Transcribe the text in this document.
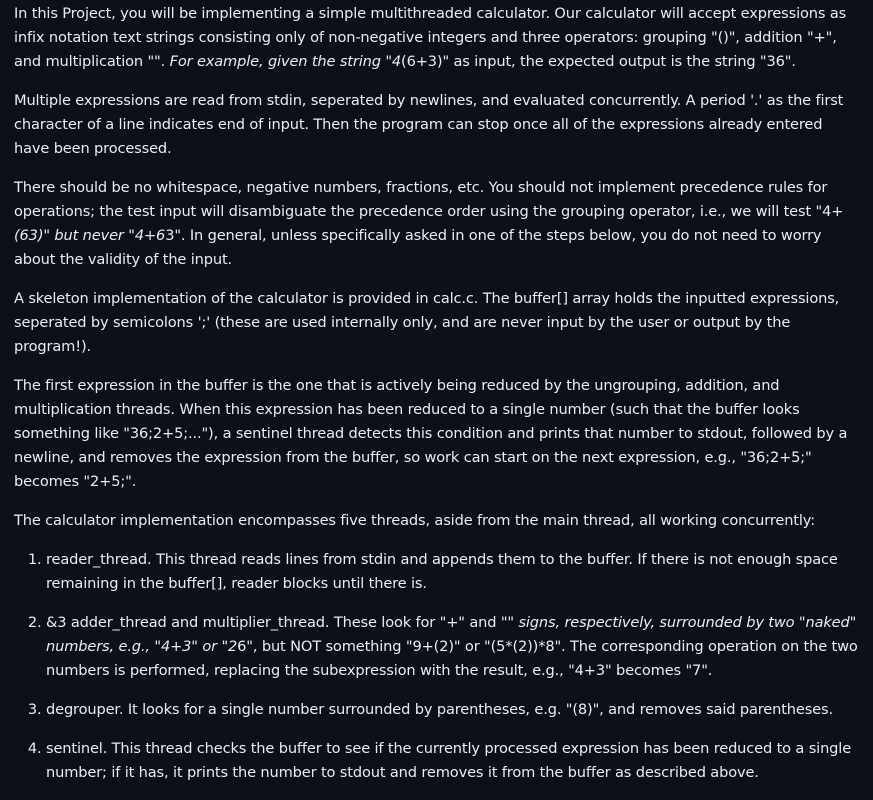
In this Project, you will be implementing a simple multithreaded calculator. Our calculator will accept expressions as infix notation text strings consisting only of non-negative integers and three operators: grouping "()", addition "+", and multiplication "". For example, given the string "4(6+3)" as input, the expected output is the string "36".

Multiple expressions are read from stdin, seperated by newlines, and evaluated concurrently. A period '.' as the first character of a line indicates end of input. Then the program can stop once all of the expressions already entered have been processed.

There should be no whitespace, negative numbers, fractions, etc. You should not implement precedence rules for operations; the test input will disambiguate the precedence order using the grouping operator, i.e., we will test "4+(63)" but never "4+63". In general, unless specifically asked in one of the steps below, you do not need to worry about the validity of the input.

A skeleton implementation of the calculator is provided in calc.c. The buffer[] array holds the inputted expressions, seperated by semicolons ';' (these are used internally only, and are never input by the user or output by the program!).

The first expression in the buffer is the one that is actively being reduced by the ungrouping, addition, and multiplication threads. When this expression has been reduced to a single number (such that the buffer looks something like "36;2+5;..."), a sentinel thread detects this condition and prints that number to stdout, followed by a newline, and removes the expression from the buffer, so work can start on the next expression, e.g., "36;2+5;" becomes "2+5;".

The calculator implementation encompasses five threads, aside from the main thread, all working concurrently:

1. reader_thread. This thread reads lines from stdin and appends them to the buffer. If there is not enough space remaining in the buffer[], reader blocks until there is.
2. &3 adder_thread and multiplier_thread. These look for "+" and "" signs, respectively, surrounded by two "naked" numbers, e.g., "4+3" or "26", but NOT something "9+(2)" or "(5*(2))*8". The corresponding operation on the two numbers is performed, replacing the subexpression with the result, e.g., "4+3" becomes "7".
3. degrouper. It looks for a single number surrounded by parentheses, e.g. "(8)", and removes said parentheses.
4. sentinel. This thread checks the buffer to see if the currently processed expression has been reduced to a single number; if it has, it prints the number to stdout and removes it from the buffer as described above.
